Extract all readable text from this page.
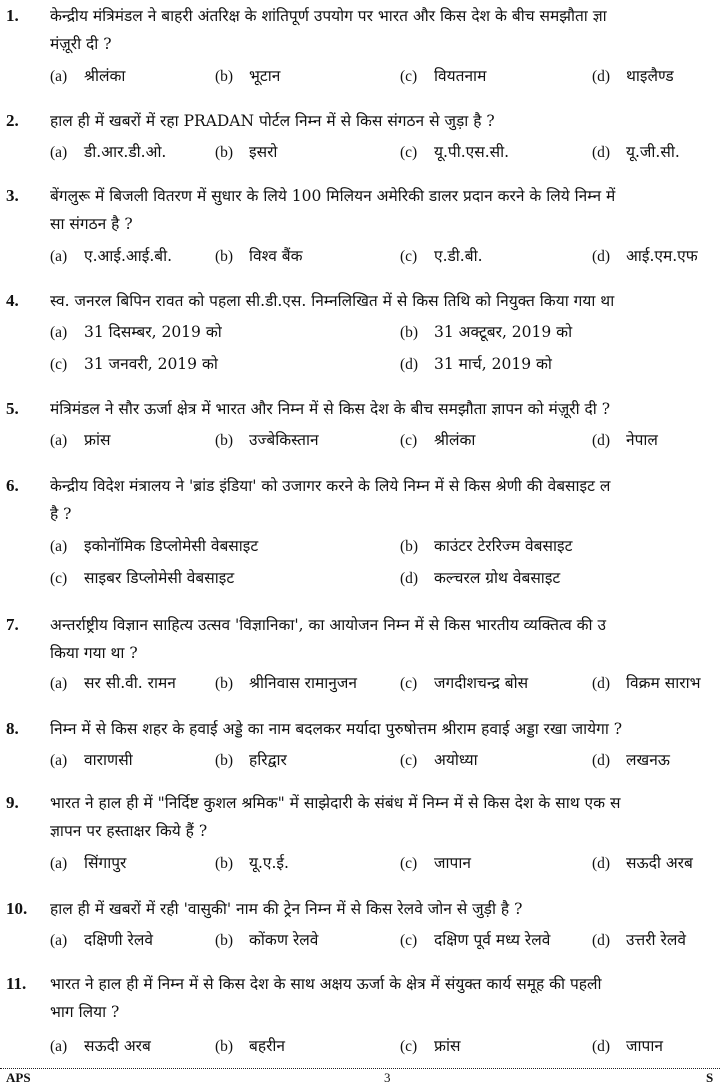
1. केन्द्रीय मंत्रिमंडल ने बाहरी अंतरिक्ष के शांतिपूर्ण उपयोग पर भारत और किस देश के बीच समझौता ज्ञा
मंज़ूरी दी ?
(a) श्रीलंका	(b) भूटान	(c) वियतनाम	(d) थाइलैण्ड
2. हाल ही में खबरों में रहा PRADAN पोर्टल निम्न में से किस संगठन से जुड़ा है ?
(a) डी.आर.डी.ओ.	(b) इसरो	(c) यू.पी.एस.सी.	(d) यू.जी.सी.
3. बेंगलुरू में बिजली वितरण में सुधार के लिये 100 मिलियन अमेरिकी डालर प्रदान करने के लिये निम्न में
सा संगठन है ?
(a) ए.आई.आई.बी.	(b) विश्व बैंक	(c) ए.डी.बी.	(d) आई.एम.एफ
4. स्व. जनरल बिपिन रावत को पहला सी.डी.एस. निम्नलिखित में से किस तिथि को नियुक्त किया गया था
(a) 31 दिसम्बर, 2019 को	(b) 31 अक्टूबर, 2019 को
(c) 31 जनवरी, 2019 को	(d) 31 मार्च, 2019 को
5. मंत्रिमंडल ने सौर ऊर्जा क्षेत्र में भारत और निम्न में से किस देश के बीच समझौता ज्ञापन को मंज़ूरी दी ?
(a) फ्रांस	(b) उज्बेकिस्तान	(c) श्रीलंका	(d) नेपाल
6. केन्द्रीय विदेश मंत्रालय ने 'ब्रांड इंडिया' को उजागर करने के लिये निम्न में से किस श्रेणी की वेबसाइट ल
है ?
(a) इकोनॉमिक डिप्लोमेसी वेबसाइट	(b) काउंटर टेररिज्म वेबसाइट
(c) साइबर डिप्लोमेसी वेबसाइट	(d) कल्चरल ग्रोथ वेबसाइट
7. अन्तर्राष्ट्रीय विज्ञान साहित्य उत्सव 'विज्ञानिका', का आयोजन निम्न में से किस भारतीय व्यक्तित्व की उ
किया गया था ?
(a) सर सी.वी. रामन	(b) श्रीनिवास रामानुजन	(c) जगदीशचन्द्र बोस	(d) विक्रम साराभ
8. निम्न में से किस शहर के हवाई अड्डे का नाम बदलकर मर्यादा पुरुषोत्तम श्रीराम हवाई अड्डा रखा जायेगा ?
(a) वाराणसी	(b) हरिद्वार	(c) अयोध्या	(d) लखनऊ
9. भारत ने हाल ही में "निर्दिष्ट कुशल श्रमिक" में साझेदारी के संबंध में निम्न में से किस देश के साथ एक स
ज्ञापन पर हस्ताक्षर किये हैं ?
(a) सिंगापुर	(b) यू.ए.ई.	(c) जापान	(d) सऊदी अरब
10. हाल ही में खबरों में रही 'वासुकी' नाम की ट्रेन निम्न में से किस रेलवे जोन से जुड़ी है ?
(a) दक्षिणी रेलवे	(b) कोंकण रेलवे	(c) दक्षिण पूर्व मध्य रेलवे	(d) उत्तरी रेलवे
11. भारत ने हाल ही में निम्न में से किस देश के साथ अक्षय ऊर्जा के क्षेत्र में संयुक्त कार्य समूह की पहली
भाग लिया ?
(a) सऊदी अरब	(b) बहरीन	(c) फ्रांस	(d) जापान
APS	3	S
